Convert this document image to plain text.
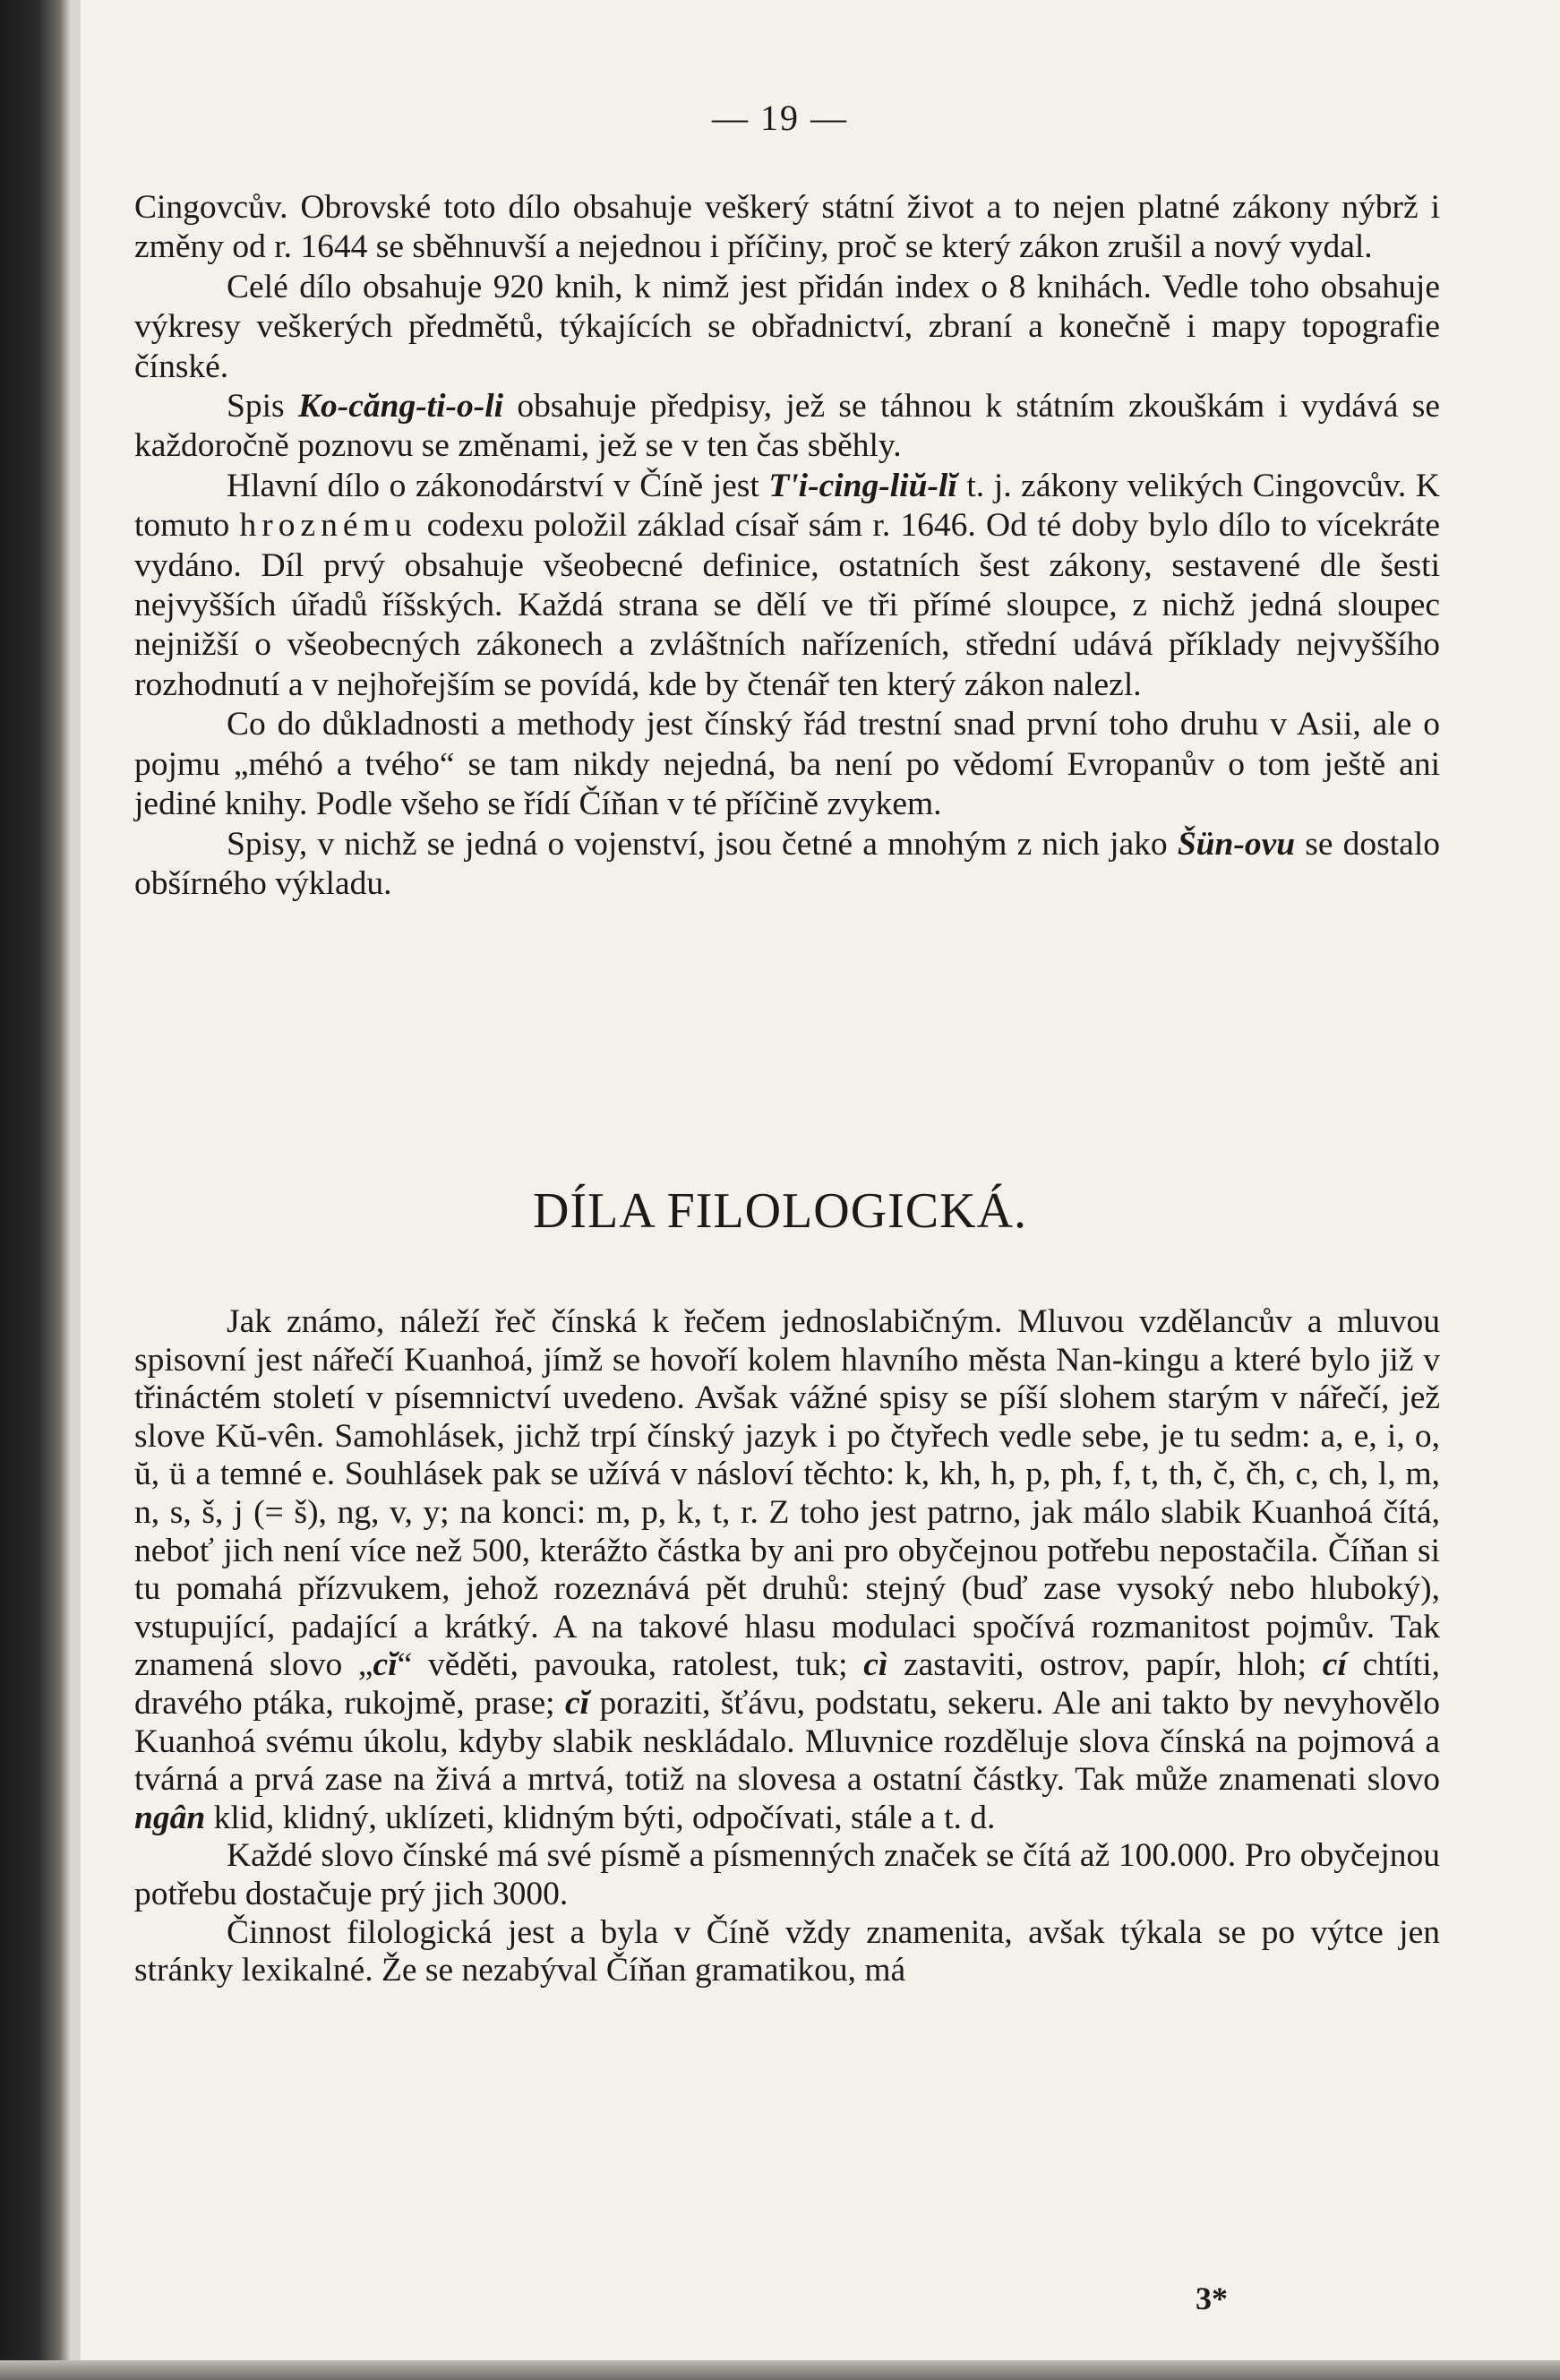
— 19 —

Cingovcův. Obrovské toto dílo obsahuje veškerý státní život a to nejen platné zákony nýbrž i změny od r. 1644 se sběhnuvší a nejednou i příčiny, proč se který zákon zrušil a nový vydal.

Celé dílo obsahuje 920 knih, k nimž jest přidán index o 8 knihách. Vedle toho obsahuje výkresy veškerých předmětů, týkajících se obřadnictví, zbraní a konečně i mapy topografie čínské.

Spis Ko-căng-ti-o-li obsahuje předpisy, jež se táhnou k státním zkouškám i vydává se každoročně poznovu se změnami, jež se v ten čas sběhly.

Hlavní dílo o zákonodárství v Číně jest T'i-cing-liŭ-lĭ t. j. zákony velikých Cingovcův. K tomuto hroznému codexu položil základ císař sám r. 1646. Od té doby bylo dílo to vícekráte vydáno. Díl prvý obsahuje všeobecné definice, ostatních šest zákony, sestavené dle šesti nejvyšších úřadů říšských. Každá strana se dělí ve tři přímé sloupce, z nichž jedná sloupec nejnižší o všeobecných zákonech a zvláštních nařízeních, střední udává příklady nejvyššího rozhodnutí a v nejhořejším se povídá, kde by čtenář ten který zákon nalezl.

Co do důkladnosti a methody jest čínský řád trestní snad první toho druhu v Asii, ale o pojmu „méhó a tvého“ se tam nikdy nejedná, ba není po vědomí Evropanův o tom ještě ani jediné knihy. Podle všeho se řídí Číňan v té příčině zvykem.

Spisy, v nichž se jedná o vojenství, jsou četné a mnohým z nich jako Šün-ovu se dostalo obšírného výkladu.

DÍLA FILOLOGICKÁ.

Jak známo, náleží řeč čínská k řečem jednoslabičným. Mluvou vzdělancův a mluvou spisovní jest nářečí Kuanhoá, jímž se hovoří kolem hlavního města Nan-kingu a které bylo již v třináctém století v písemnictví uvedeno. Avšak vážné spisy se píší slohem starým v nářečí, jež slove Kŭ-vên. Samohlásek, jichž trpí čínský jazyk i po čtyřech vedle sebe, je tu sedm: a, e, i, o, ŭ, ü a temné e. Souhlásek pak se užívá v násloví těchto: k, kh, h, p, ph, f, t, th, č, čh, c, ch, l, m, n, s, š, j (= š), ng, v, y; na konci: m, p, k, t, r. Z toho jest patrno, jak málo slabik Kuanhoá čítá, neboť jich není více než 500, kterážto částka by ani pro obyčejnou potřebu nepostačila. Číňan si tu pomahá přízvukem, jehož rozeznává pět druhů: stejný (buď zase vysoký nebo hluboký), vstupující, padající a krátký. A na takové hlasu modulaci spočívá rozmanitost pojmův. Tak znamená slovo „cĭ“ věděti, pavouka, ratolest, tuk; cì zastaviti, ostrov, papír, hloh; cí chtíti, dravého ptáka, rukojmě, prase; cĭ poraziti, šťávu, podstatu, sekeru. Ale ani takto by nevyhovělo Kuanhoá svému úkolu, kdyby slabik neskládalo. Mluvnice rozděluje slova čínská na pojmová a tvárná a prvá zase na živá a mrtvá, totiž na slovesa a ostatní částky. Tak může znamenati slovo ngân klid, klidný, uklízeti, klidným býti, odpočívati, stále a t. d.

Každé slovo čínské má své písmě a písmenných značek se čítá až 100.000. Pro obyčejnou potřebu dostačuje prý jich 3000.

Činnost filologická jest a byla v Číně vždy znamenita, avšak týkala se po výtce jen stránky lexikalné. Že se nezabýval Číňan gramatikou, má

3*
